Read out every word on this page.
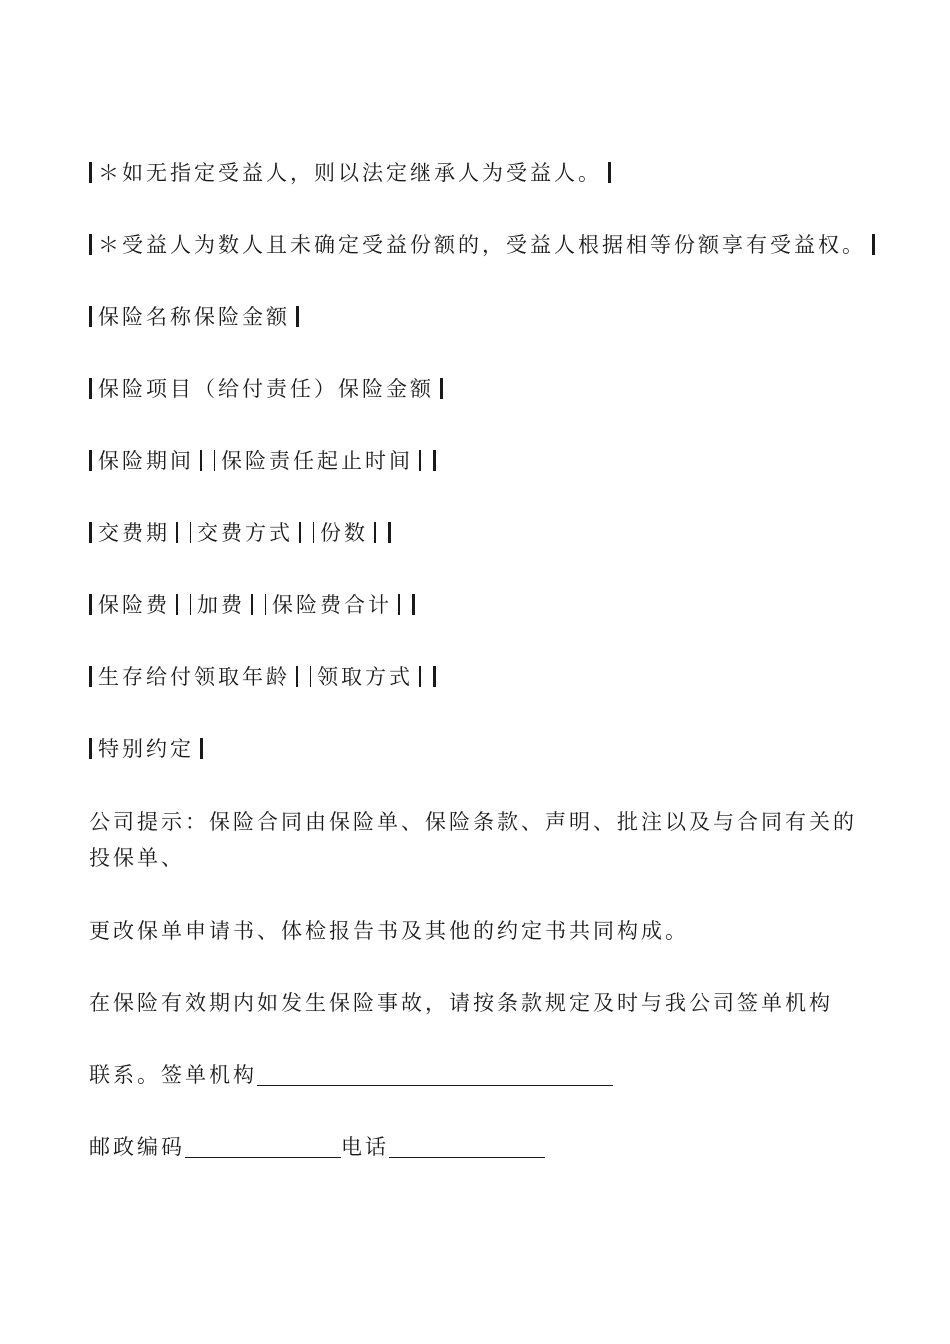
＊如无指定受益人，则以法定继承人为受益人。
＊受益人为数人且未确定受益份额的，受益人根据相等份额享有受益权。
保险名称保险金额
保险项目（给付责任）保险金额
保险期间 保险责任起止时间
交费期 交费方式 份数
保险费 加费 保险费合计
生存给付领取年龄 领取方式
特别约定
公司提示：保险合同由保险单、保险条款、声明、批注以及与合同有关的投保单、
更改保单申请书、体检报告书及其他的约定书共同构成。
在保险有效期内如发生保险事故，请按条款规定及时与我公司签单机构
联系。签单机构
邮政编码	电话
